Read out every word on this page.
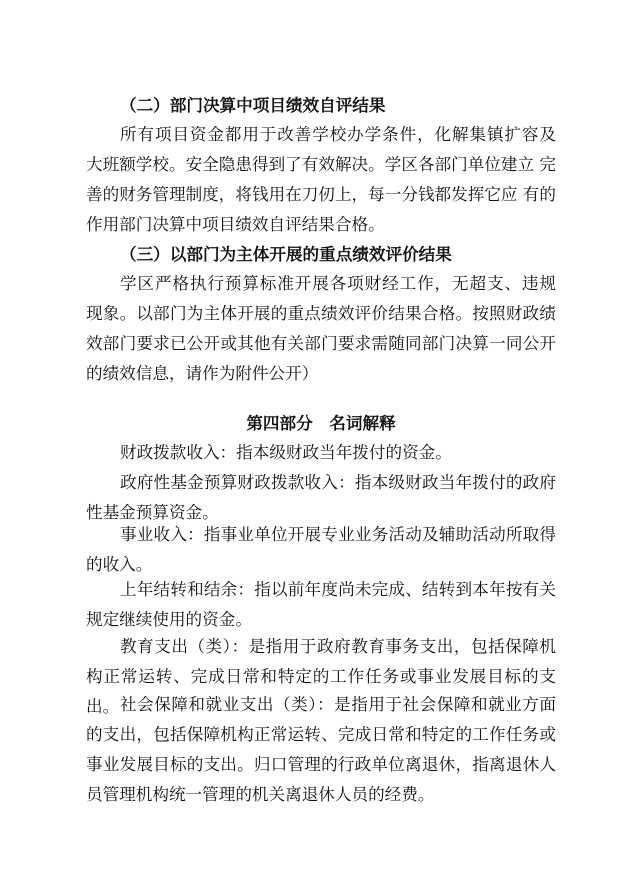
（二）部门决算中项目绩效自评结果
所有项目资金都用于改善学校办学条件，化解集镇扩容及 大班额学校。安全隐患得到了有效解决。学区各部门单位建立 完善的财务管理制度，将钱用在刀仞上，每一分钱都发挥它应 有的作用部门决算中项目绩效自评结果合格。
（三）以部门为主体开展的重点绩效评价结果
学区严格执行预算标准开展各项财经工作，无超支、违规 现象。以部门为主体开展的重点绩效评价结果合格。按照财政绩效部门要求已公开或其他有关部门要求需随同部门决算一同公开的绩效信息，请作为附件公开）
第四部分　名词解释
财政拨款收入：指本级财政当年拨付的资金。
政府性基金预算财政拨款收入：指本级财政当年拨付的政府性基金预算资金。
事业收入：指事业单位开展专业业务活动及辅助活动所取得的收入。
上年结转和结余：指以前年度尚未完成、结转到本年按有关规定继续使用的资金。
教育支出（类）：是指用于政府教育事务支出，包括保障机构正常运转、完成日常和特定的工作任务或事业发展目标的支出。 社会保障和就业支出（类）：是指用于社会保障和就业方面的支出，包括保障机构正常运转、完成日常和特定的工作任务或事业发展目标的支出。归口管理的行政单位离退休，指离退休人员管理机构统一管理的机关离退休人员的经费。
